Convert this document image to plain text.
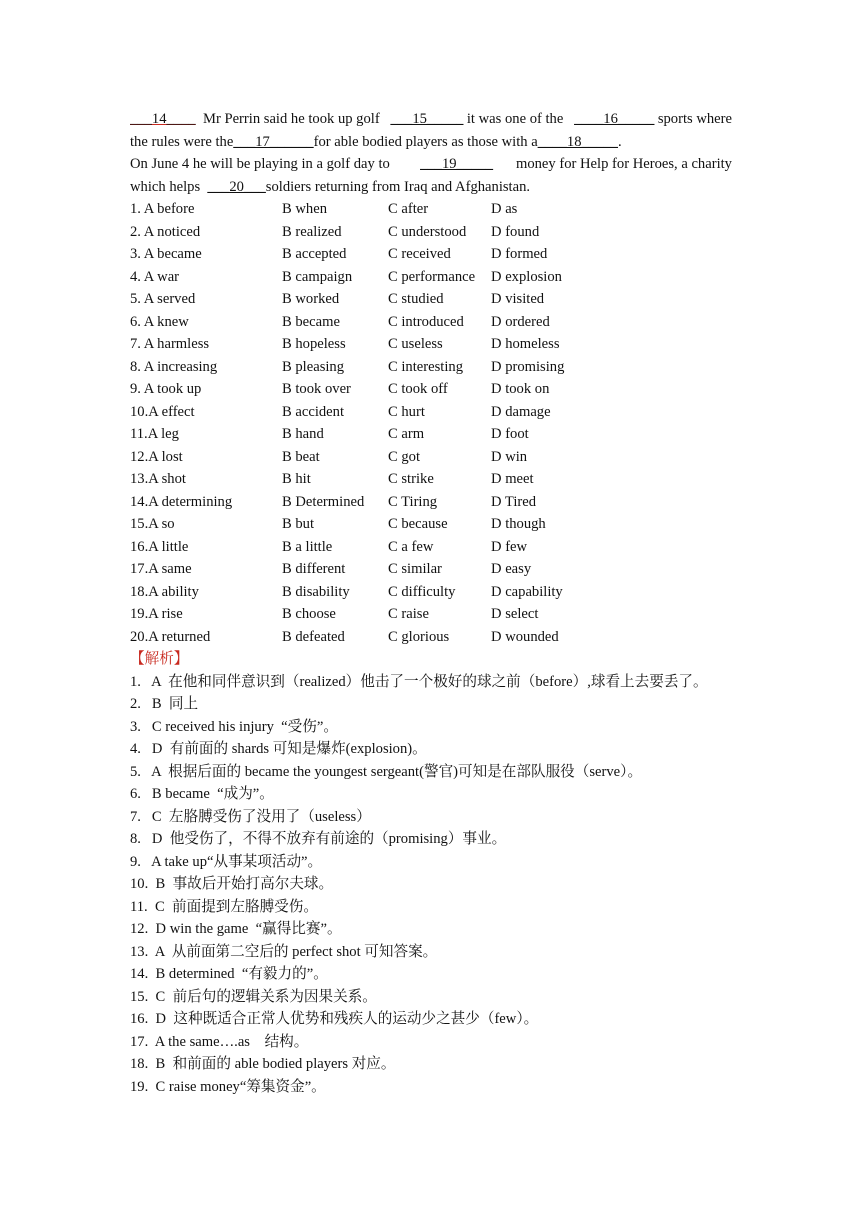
___14____  Mr Perrin said he took up golf ___15_____ it was one of the ____16_____ sports where
the rules were the___17______for able bodied players as those with a____18_____.
On June 4 he will be playing in a golf day to ___19_____ money for Help for Heroes, a charity
which helps  ___20___soldiers returning from Iraq and Afghanistan.
1. A before	B when	C after	D as
2. A noticed	B realized	C understood	D found
3. A became	B accepted	C received	D formed
4. A war	B campaign	C performance	D explosion
5. A served	B worked	C studied	D visited
6. A knew	B became	C introduced	D ordered
7. A harmless	B hopeless	C useless	D homeless
8. A increasing	B pleasing	C interesting	D promising
9. A took up	B took over	C took off	D took on
10.A effect	B accident	C hurt	D damage
11.A leg	B hand	C arm	D foot
12.A lost	B beat	C got	D win
13.A shot	B hit	C strike	D meet
14.A determining	B Determined	C Tiring	D Tired
15.A so	B but	C because	D though
16.A little	B a little	C a few	D few
17.A same	B different	C similar	D easy
18.A ability	B disability	C difficulty	D capability
19.A rise	B choose	C raise	D select
20.A returned	B defeated	C glorious	D wounded
【解析】
1.   A  在他和同伴意识到（realized）他击了一个极好的球之前（before）,球看上去要丢了。
2.   B  同上
3.   C received his injury  “受伤”。
4.   D  有前面的 shards 可知是爆炸(explosion)。
5.   A  根据后面的 became the youngest sergeant(警官)可知是在部队服役（serve）。
6.   B became  “成为”。
7.   C  左胳膊受伤了没用了（useless）
8.   D  他受伤了，不得不放弃有前途的（promising）事业。
9.   A take up“从事某项活动”。
10.  B  事故后开始打高尔夫球。
11.  C  前面提到左胳膊受伤。
12.  D win the game  “赢得比赛”。
13.  A  从前面第二空后的 perfect shot 可知答案。
14.  B determined  “有毅力的”。
15.  C  前后句的逻辑关系为因果关系。
16.  D  这种既适合正常人优势和残疾人的运动少之甚少（few）。
17.  A the same….as    结构。
18.  B  和前面的 able bodied players 对应。
19.  C raise money“筹集资金”。
